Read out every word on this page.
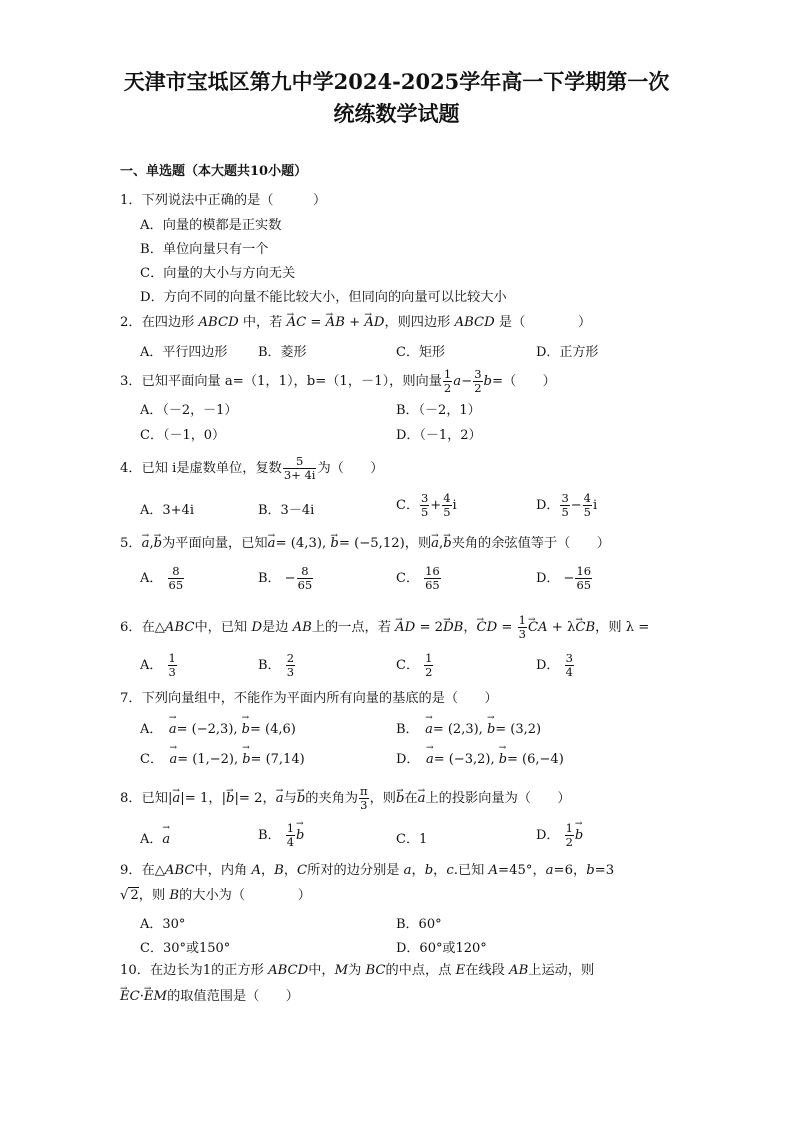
天津市宝坻区第九中学2024-2025学年高一下学期第一次
统练数学试题
一、单选题（本大题共10小题）
1．下列说法中正确的是（　　　）
A．向量的模都是正实数
B．单位向量只有一个
C．向量的大小与方向无关
D．方向不同的向量不能比较大小，但同向的向量可以比较大小
2．在四边形 ABCD 中，若 → AC = → AB + → AD，则四边形 ABCD 是（　　　　）
A．平行四边形 B．菱形	C．矩形	D．正方形
3．已知平面向量 a=（1，1），b=（1，－1），则向量 $\frac{1}{2} a- \frac{3}{2} b=$（　　）
A．（－2，－1）	B．（－2，1）
C．（－1，0）	D．（－1，2）
4．已知 i是虚数单位，复数 $\frac{5}{3+ 4i}$ 为（　　）
A．3+4i	B．3－4i	C． $\frac{3}{5} + \frac{4}{5}$ i	D． $\frac{3}{5} - \frac{4}{5}$ i
5．→ a,→ b为平面向量，已知→ a= (4,3), → b= (−5,12)，则→ a,→ b夹角的余弦值等于（　　）
A． $\frac{8}{65}$	B． − $\frac{8}{65}$	C． $\frac{16}{65}$	D． − $\frac{16}{65}$
6．在△ABC中，已知 D是边 AB上的一点，若 → AD = 2→ DB，→ CD = $\frac{1}{3}$
→ CA + λ→ CB，则 λ =
A． $\frac{1}{3}$	B． $\frac{2}{3}$	C． $\frac{1}{2}$	D． $\frac{3}{4}$
7．下列向量组中，不能作为平面内所有向量的基底的是（　　）
A．　→ a= (−2,3), → b= (4,6)	B．　→ a= (2,3), → b= (3,2)
C．　→ a= (1,−2), → b= (7,14)	D．　→ a= (−3,2), → b= (6,−4)
8．已知|→ a|= 1，|→ b|= 2，→ a与→ b的夹角为 $\frac{\pi}{3}$ ，则→ b在→ a上的投影向量为（　　）
A．→ a	B． $\frac{1}{4}$
→ b	C．1	D． $\frac{1}{2}$
→ b
9．在△ABC中，内角 A，B，C所对的边分别是 a，b，c.已知 A=45°，a=6，b=3
√ 2，则 B的大小为（　　　　）
A．30°	B．60°
C．30°或150°	D．60°或120°
10．在边长为1的正方形 ABCD中，M为 BC的中点，点 E在线段 AB上运动，则
→ EC·→ EM的取值范围是（　　）
